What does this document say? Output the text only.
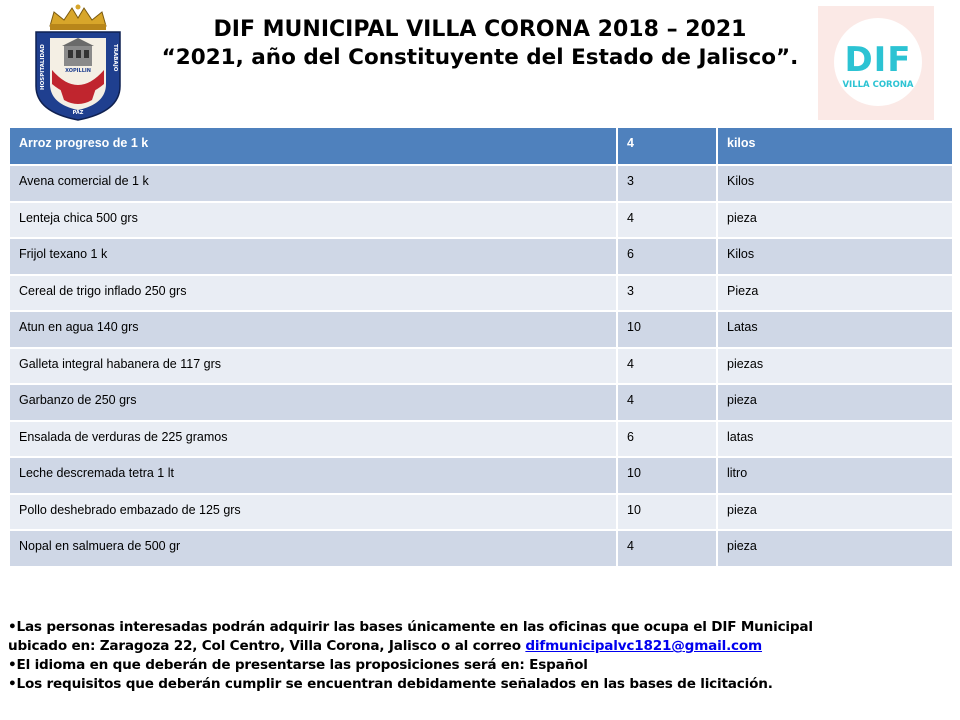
HOSPITALIDAD	TRABAJO
XOPILLIN
PAZ
DIF MUNICIPAL VILLA CORONA 2018 – 2021
“2021, año del Constituyente del Estado de Jalisco”.	DIF
VILLA CORONA
Arroz progreso de 1 k	4	kilos
Avena comercial de 1 k	3	Kilos
Lenteja chica 500 grs	4	pieza
Frijol texano 1 k	6	Kilos
Cereal de trigo inflado 250 grs	3	Pieza
Atun en agua 140 grs	10	Latas
Galleta integral habanera de 117 grs	4	piezas
Garbanzo de 250 grs	4	pieza
Ensalada de verduras de 225 gramos	6	latas
Leche descremada tetra 1 lt	10	litro
Pollo deshebrado embazado de 125 grs	10	pieza
Nopal en salmuera de 500 gr	4	pieza
•Las personas interesadas podrán adquirir las bases únicamente en las oficinas que ocupa el DIF Municipal
ubicado en: Zaragoza 22, Col Centro, Villa Corona, Jalisco o al correo difmunicipalvc1821@gmail.com
•El idioma en que deberán de presentarse las proposiciones será en: Español
•Los requisitos que deberán cumplir se encuentran debidamente señalados en las bases de licitación.
